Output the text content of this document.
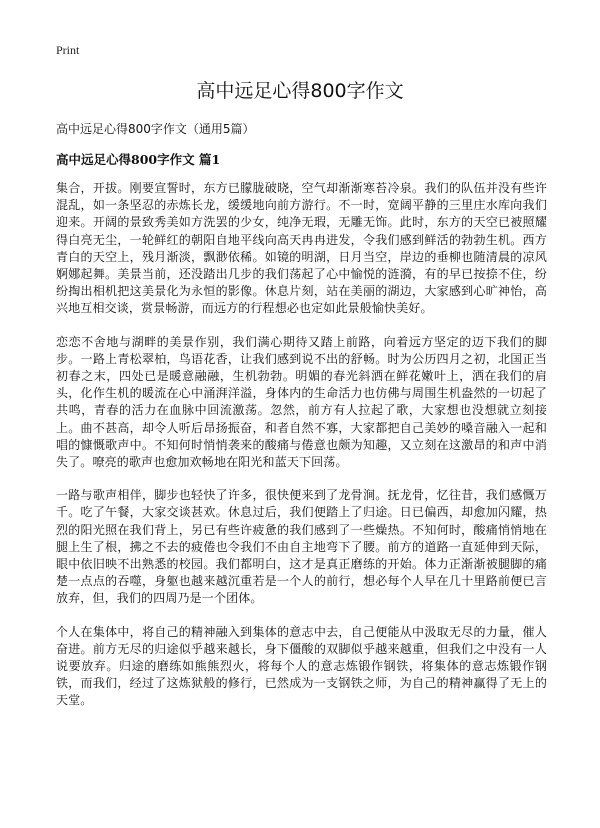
Print
高中远足心得800字作文
高中远足心得800字作文（通用5篇）
高中远足心得800字作文 篇1

集合，开拔。刚要宣誓时，东方已朦胧破晓，空气却渐渐寒苔冷泉。我们的队伍并没有些许混乱，如一条坚忍的赤炼长龙，缓缓地向前方游行。不一时，宽阔平静的三里庄水库向我们迎来。开阔的景致秀美如方洗罢的少女，纯净无瑕，无雕无饰。此时，东方的天空已被照耀得白亮无尘，一轮鲜红的朝阳自地平线向高天冉冉进发，令我们感到鲜活的勃勃生机。西方青白的天空上，残月渐淡，飘渺依稀。如镜的明湖，日月当空，岸边的垂柳也随清晨的凉风婀娜起舞。美景当前，还没踏出几步的我们荡起了心中愉悦的涟漪，有的早已按捺不住，纷纷掏出相机把这美景化为永恒的影像。休息片刻，站在美丽的湖边，大家感到心旷神怡，高兴地互相交谈，赏景畅游，而远方的行程想必也定如此景般愉快美好。

恋恋不舍地与湖畔的美景作别，我们满心期待又踏上前路，向着远方坚定的迈下我们的脚步。一路上青松翠柏，鸟语花香，让我们感到说不出的舒畅。时为公历四月之初，北国正当初春之末，四处已是暖意融融，生机勃勃。明媚的春光斜洒在鲜花嫩叶上，洒在我们的肩头，化作生机的暖流在心中涌湃洋溢，身体内的生命活力也仿佛与周围生机盎然的一切起了共鸣，青春的活力在血脉中回流激荡。忽然，前方有人拉起了歌，大家想也没想就立刻接上。曲不甚高，却令人听后昂扬振奋，和者自然不寡，大家都把自己美妙的嗓音融入一起和唱的慷慨歌声中。不知何时悄悄袭来的酸痛与倦意也颇为知趣，又立刻在这激昂的和声中消失了。嘹亮的歌声也愈加欢畅地在阳光和蓝天下回荡。

一路与歌声相伴，脚步也轻快了许多，很快便来到了龙骨涧。抚龙骨，忆往昔，我们感慨万千。吃了午餐，大家交谈甚欢。休息过后，我们便踏上了归途。日已偏西，却愈加闪耀，热烈的阳光照在我们背上，另已有些许疲惫的我们感到了一些燥热。不知何时，酸痛悄悄地在腿上生了根，拂之不去的疲倦也令我们不由自主地弯下了腰。前方的道路一直延伸到天际，眼中依旧映不出熟悉的校园。我们都明白，这才是真正磨练的开始。体力正渐渐被腿脚的痛楚一点点的吞噬，身躯也越来越沉重若是一个人的前行，想必每个人早在几十里路前便已言放弃，但，我们的四周乃是一个团体。

个人在集体中，将自己的精神融入到集体的意志中去，自己便能从中汲取无尽的力量，催人奋进。前方无尽的归途似乎越来越长，身下僵酸的双脚似乎越来越重，但我们之中没有一人说要放弃。归途的磨练如熊熊烈火，将每个人的意志炼锻作钢铁，将集体的意志炼锻作钢铁，而我们，经过了这炼狱般的修行，已然成为一支钢铁之师，为自己的精神赢得了无上的天堂。
